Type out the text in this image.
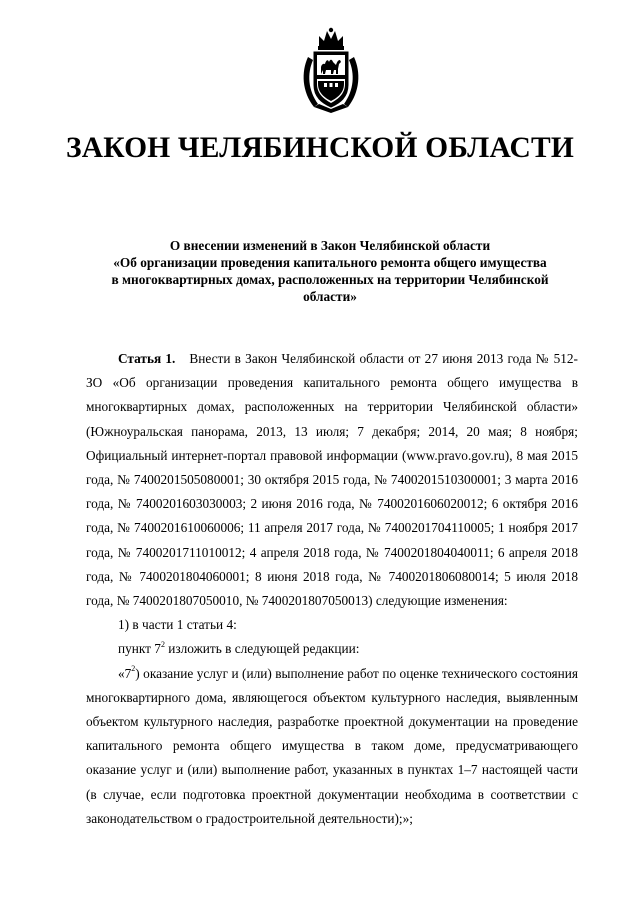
ЗАКОН ЧЕЛЯБИНСКОЙ ОБЛАСТИ
О внесении изменений в Закон Челябинской области
«Об организации проведения капитального ремонта общего имущества
в многоквартирных домах, расположенных на территории Челябинской
области»

Статья 1. Внести в Закон Челябинской области от 27 июня 2013 года № 512-ЗО «Об организации проведения капитального ремонта общего имущества в многоквартирных домах, расположенных на территории Челябинской области» (Южноуральская панорама, 2013, 13 июля; 7 декабря; 2014, 20 мая; 8 ноября; Официальный интернет-портал правовой информации (www.pravo.gov.ru), 8 мая 2015 года, № 7400201505080001; 30 октября 2015 года, № 7400201510300001; 3 марта 2016 года, № 7400201603030003; 2 июня 2016 года, № 7400201606020012; 6 октября 2016 года, № 7400201610060006; 11 апреля 2017 года, № 7400201704110005; 1 ноября 2017 года, № 7400201711010012; 4 апреля 2018 года, № 7400201804040011; 6 апреля 2018 года, № 7400201804060001; 8 июня 2018 года, № 7400201806080014; 5 июля 2018 года, № 7400201807050010, № 7400201807050013) следующие изменения:

1) в части 1 статьи 4:

пункт $7^2$ изложить в следующей редакции:

«$7^2$) оказание услуг и (или) выполнение работ по оценке технического состояния многоквартирного дома, являющегося объектом культурного наследия, выявленным объектом культурного наследия, разработке проектной документации на проведение капитального ремонта общего имущества в таком доме, предусматривающего оказание услуг и (или) выполнение работ, указанных в пунктах 1–7 настоящей части (в случае, если подготовка проектной документации необходима в соответствии с законодательством о градостроительной деятельности);»;
